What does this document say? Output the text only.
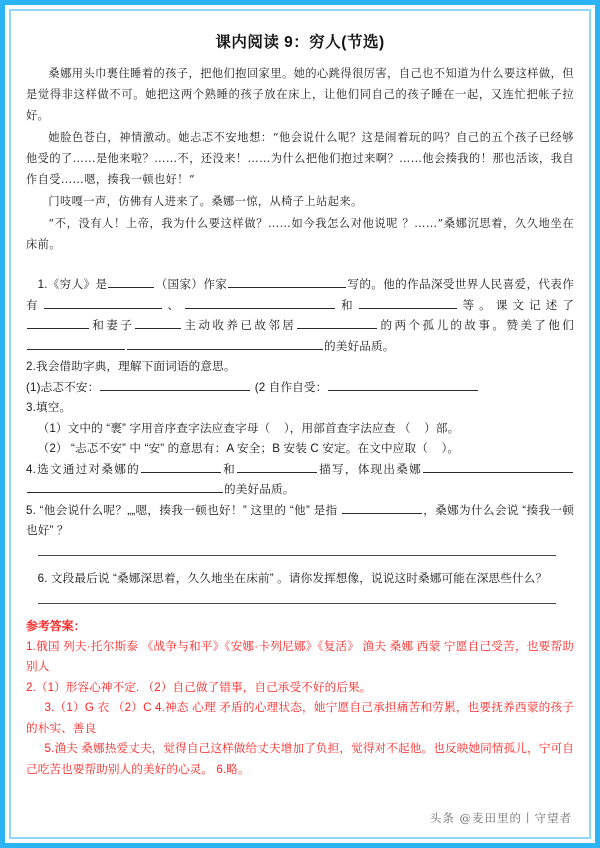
课内阅读 9：穷人(节选)

桑娜用头巾裹住睡着的孩子，把他们抱回家里。她的心跳得很厉害，自己也不知道为什么要这样做，但是觉得非这样做不可。她把这两个熟睡的孩子放在床上，让他们同自己的孩子睡在一起，又连忙把帐子拉好。

她脸色苍白，神情激动。她忐忑不安地想：“他会说什么呢？这是闹着玩的吗？自己的五个孩子已经够他受的了……是他来啦？……不，还没来！……为什么把他们抱过来啊？……他会揍我的！那也活该，我自作自受……嗯，揍我一顿也好！”

门吱嘎一声，仿佛有人进来了。桑娜一惊，从椅子上站起来。

“不，没有人！上帝，我为什么要这样做？……如今我怎么对他说呢 ？……”桑娜沉思着，久久地坐在床前。

1.《穷人》是	（国家）作家	写的。他的作品深受世界人民喜爱，代表作有	、	和	等。课文记述了和妻子	主动收养已故邻居	的两个孤儿的故事。赞美了他们的美好品质。

2.我会借助字典，理解下面词语的意思。

(1)忐忑不安：	(2 自作自受：

3.填空。

（1）文中的 “裹” 字用音序查字法应查字母（ ），用部首查字法应查 （ ）部。

（2） “忐忑不安” 中 “安” 的意思有：A 安全；B 安装 C 安定。在文中应取（ ）。

4.选文通过对桑娜的	和	描写，体现出桑娜的美好品质。

5. “他会说什么呢？„„嗯，揍我一顿也好！” 这里的 “他” 是指	，桑娜为什么会说 “揍我一顿也好” ？

6. 文段最后说 “桑娜深思着，久久地坐在床前” 。请你发挥想像，说说这时桑娜可能在深思些什么？

参考答案：

1.俄国 列夫·托尔斯泰 《战争与和平》《安娜·卡列尼娜》《复活》 渔夫 桑娜 西蒙 宁愿自己受苦，也要帮助别人

2.（1）形容心神不定. （2）自己做了错事，自己承受不好的后果。

3.（1）G 衣 （2）C 4.神态 心理 矛盾的心理状态，她宁愿自己承担痛苦和劳累，也要抚养西蒙的孩子的朴实、善良

5.渔夫 桑娜热爱丈夫，觉得自己这样做给丈夫增加了负担，觉得对不起他。也反映她同情孤儿，宁可自己吃苦也要帮助别人的美好的心灵。 6.略。

头条 @麦田里的丨守望者
